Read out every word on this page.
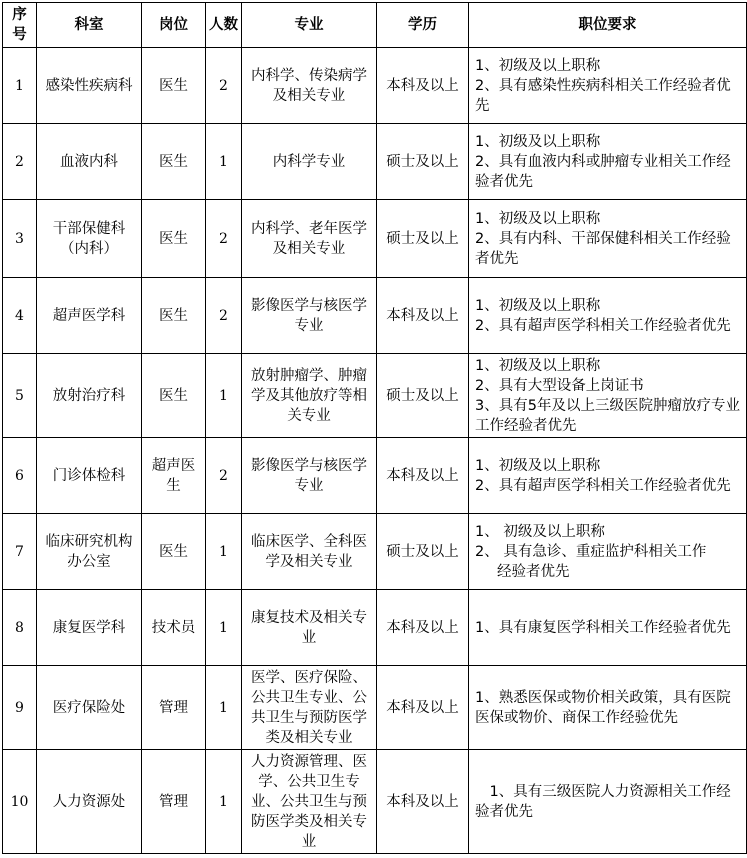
序号	科室	岗位	人数	专业	学历	职位要求
1	感染性疾病科	医生	2	内科学、传染病学及相关专业	本科及以上	1、初级及以上职称
2、具有感染性疾病科相关工作经验者优先

2	血液内科	医生	1	内科学专业	硕士及以上	1、初级及以上职称
2、具有血液内科或肿瘤专业相关工作经验者优先

3	干部保健科（内科）	医生	2	内科学、老年医学及相关专业	硕士及以上	1、初级及以上职称
2、具有内科、干部保健科相关工作经验者优先

4	超声医学科	医生	2	影像医学与核医学专业	本科及以上	1、初级及以上职称
2、具有超声医学科相关工作经验者优先

5	放射治疗科	医生	1	放射肿瘤学、肿瘤学及其他放疗等相关专业	硕士及以上	1、初级及以上职称
2、具有大型设备上岗证书
3、具有5年及以上三级医院肿瘤放疗专业工作经验者优先

6	门诊体检科	超声医生	2	影像医学与核医学专业	本科及以上	1、初级及以上职称
2、具有超声医学科相关工作经验者优先

7	临床研究机构办公室	医生	1	临床医学、全科医学及相关专业	硕士及以上	1、 初级及以上职称
2、 具有急诊、重症监护科相关工作
经验者优先

8	康复医学科	技术员	1	康复技术及相关专业	本科及以上	1、具有康复医学科相关工作经验者优先

9	医疗保险处	管理	1	医学、医疗保险、公共卫生专业、公共卫生与预防医学类及相关专业	本科及以上	1、熟悉医保或物价相关政策，具有医院医保或物价、商保工作经验优先

10	人力资源处	管理	1	人力资源管理、医学、公共卫生专业、公共卫生与预防医学类及相关专业	本科及以上	　1、具有三级医院人力资源相关工作经验者优先
